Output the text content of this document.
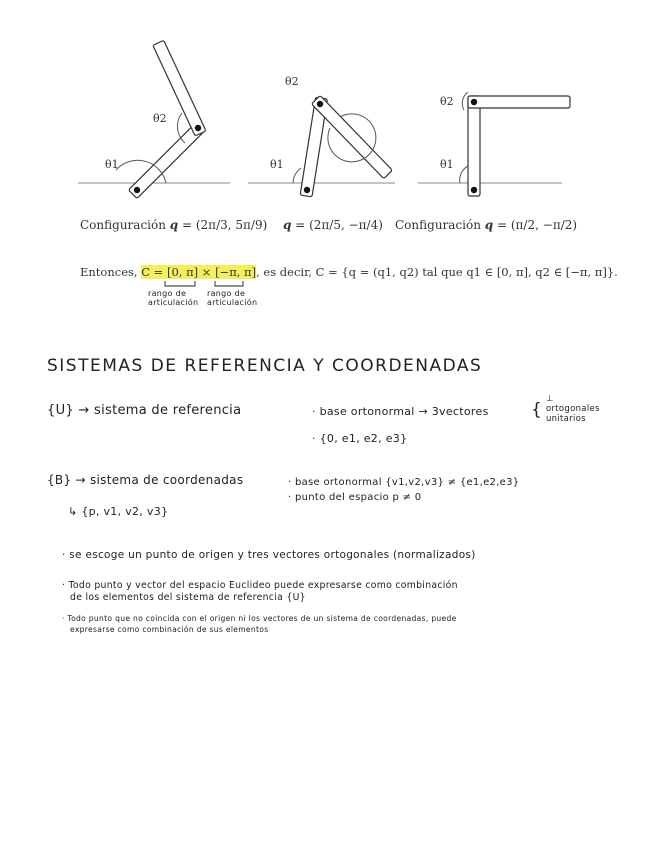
θ1
θ2
θ1
θ2
θ1
θ2
Configuración q = (2π/3, 5π/9) q = (2π/5, −π/4) Configuración q = (π/2, −π/2)
Entonces, C = [0, π] × [−π, π], es decir, C = {q = (q1, q2) tal que q1 ∈ [0, π], q2 ∈ [−π, π]}.
rango de
articulación
rango de
articulación
SISTEMAS DE REFERENCIA Y COORDENADAS
{U} → sistema de referencia	· base ortonormal → 3vectores {
⊥
ortogonales
unitarios
· {0, e1, e2, e3}
{B} → sistema de coordenadas	· base ortonormal {v1,v2,v3} ≠ {e1,e2,e3}
· punto del espacio p ≠ 0
↳ {p, v1, v2, v3}
· se escoge un punto de origen y tres vectores ortogonales (normalizados)
· Todo punto y vector del espacio Euclideo puede expresarse como combinación
de los elementos del sistema de referencia {U}
· Todo punto que no coincida con el origen ni los vectores de un sistema de coordenadas, puede
expresarse como combinación de sus elementos
